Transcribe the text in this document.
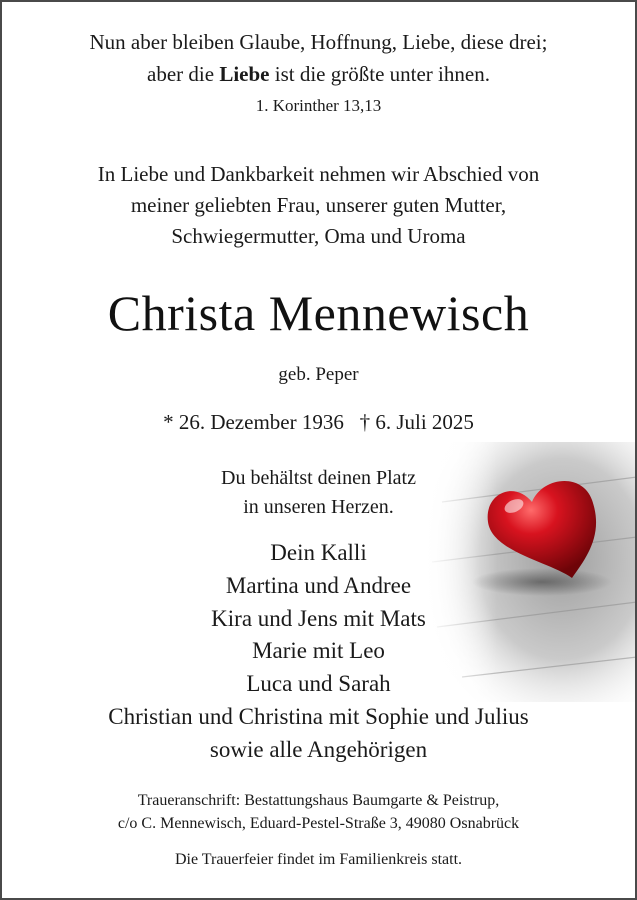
Nun aber bleiben Glaube, Hoffnung, Liebe, diese drei;
aber die Liebe ist die größte unter ihnen.
1. Korinther 13,13
In Liebe und Dankbarkeit nehmen wir Abschied von
meiner geliebten Frau, unserer guten Mutter,
Schwiegermutter, Oma und Uroma
Christa Mennewisch
geb. Peper
* 26. Dezember 1936   † 6. Juli 2025
Du behältst deinen Platz
in unseren Herzen.
Dein Kalli
Martina und Andree
Kira und Jens mit Mats
Marie mit Leo
Luca und Sarah
Christian und Christina mit Sophie und Julius
sowie alle Angehörigen
Traueranschrift: Bestattungshaus Baumgarte & Peistrup,
c/o C. Mennewisch, Eduard-Pestel-Straße 3, 49080 Osnabrück
Die Trauerfeier findet im Familienkreis statt.
